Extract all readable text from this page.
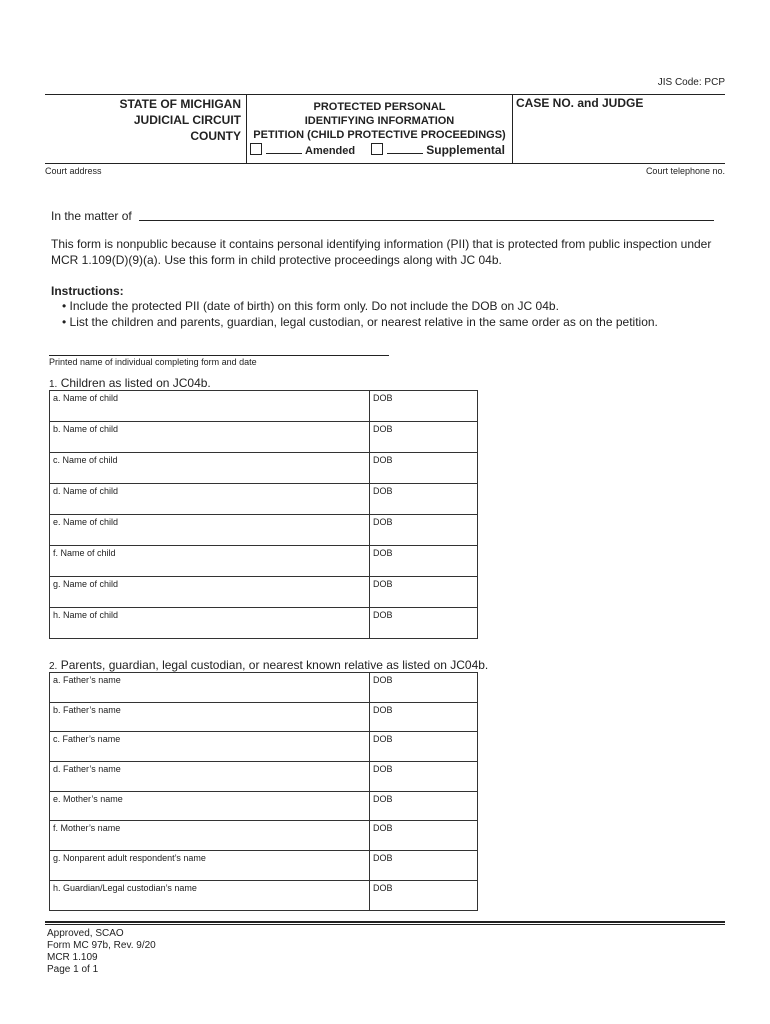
JIS Code: PCP
STATE OF MICHIGAN
JUDICIAL CIRCUIT
COUNTY
PROTECTED PERSONAL
IDENTIFYING INFORMATION
PETITION (CHILD PROTECTIVE PROCEEDINGS)
Amended	Supplemental
CASE NO. and JUDGE
Court address	Court telephone no.
In the matter of
This form is nonpublic because it contains personal identifying information (PII) that is protected from public inspection under MCR 1.109(D)(9)(a). Use this form in child protective proceedings along with JC 04b.
Instructions:
• Include the protected PII (date of birth) on this form only. Do not include the DOB on JC 04b.
• List the children and parents, guardian, legal custodian, or nearest relative in the same order as on the petition.
Printed name of individual completing form and date
1. Children as listed on JC04b.
a. Name of child	DOB
b. Name of child	DOB
c. Name of child	DOB
d. Name of child	DOB
e. Name of child	DOB
f. Name of child	DOB
g. Name of child	DOB
h. Name of child	DOB
2. Parents, guardian, legal custodian, or nearest known relative as listed on JC04b.
a. Father’s name	DOB
b. Father’s name	DOB
c. Father’s name	DOB
d. Father’s name	DOB
e. Mother’s name	DOB
f. Mother’s name	DOB
g. Nonparent adult respondent’s name	DOB
h. Guardian/Legal custodian’s name	DOB
Approved, SCAO
Form MC 97b, Rev. 9/20
MCR 1.109
Page 1 of 1
